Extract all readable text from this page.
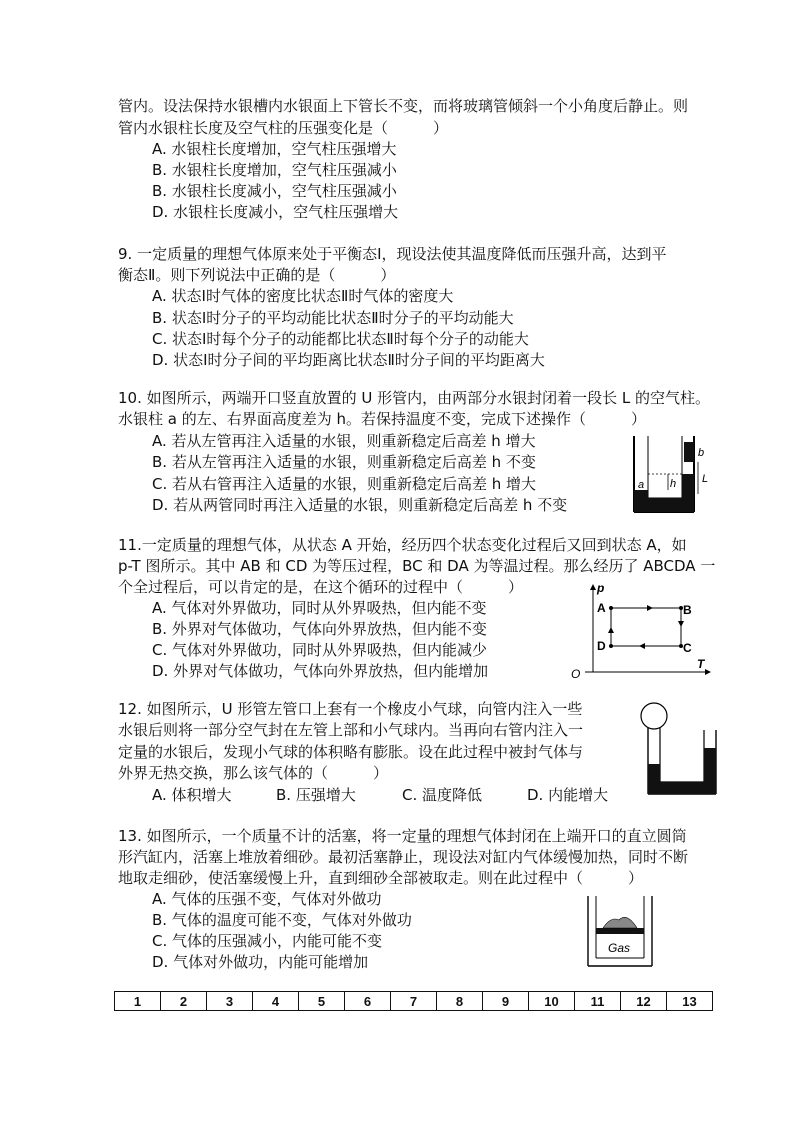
管内。设法保持水银槽内水银面上下管长不变，而将玻璃管倾斜一个小角度后静止。则
管内水银柱长度及空气柱的压强变化是（　　　）
A. 水银柱长度增加，空气柱压强增大
B. 水银柱长度增加，空气柱压强减小
B. 水银柱长度减小，空气柱压强减小
D. 水银柱长度减小，空气柱压强增大
9. 一定质量的理想气体原来处于平衡态Ⅰ，现设法使其温度降低而压强升高，达到平
衡态Ⅱ。则下列说法中正确的是（　　　）
A. 状态Ⅰ时气体的密度比状态Ⅱ时气体的密度大
B. 状态Ⅰ时分子的平均动能比状态Ⅱ时分子的平均动能大
C. 状态Ⅰ时每个分子的动能都比状态Ⅱ时每个分子的动能大
D. 状态Ⅰ时分子间的平均距离比状态Ⅱ时分子间的平均距离大
10. 如图所示，两端开口竖直放置的 U 形管内，由两部分水银封闭着一段长 L 的空气柱。
水银柱 a 的左、右界面高度差为 h。若保持温度不变，完成下述操作（　　　）
A. 若从左管再注入适量的水银，则重新稳定后高差 h 增大
B. 若从左管再注入适量的水银，则重新稳定后高差 h 不变
C. 若从右管再注入适量的水银，则重新稳定后高差 h 增大
D. 若从两管同时再注入适量的水银，则重新稳定后高差 h 不变
a h
b
L
11.一定质量的理想气体，从状态 A 开始，经历四个状态变化过程后又回到状态 A，如
p-T 图所示。其中 AB 和 CD 为等压过程，BC 和 DA 为等温过程。那么经历了 ABCDA 一
个全过程后，可以肯定的是，在这个循环的过程中（　　　）
A. 气体对外界做功，同时从外界吸热，但内能不变
B. 外界对气体做功，气体向外界放热，但内能不变
C. 气体对外界做功，同时从外界吸热，但内能减少
D. 外界对气体做功，气体向外界放热，但内能增加
p
T
O
A	B
C
D
12. 如图所示，U 形管左管口上套有一个橡皮小气球，向管内注入一些
水银后则将一部分空气封在左管上部和小气球内。当再向右管内注入一
定量的水银后，发现小气球的体积略有膨胀。设在此过程中被封气体与
外界无热交换，那么该气体的（　　　）
A. 体积增大	B. 压强增大	C. 温度降低	D. 内能增大
13. 如图所示，一个质量不计的活塞，将一定量的理想气体封闭在上端开口的直立圆筒
形汽缸内，活塞上堆放着细砂。最初活塞静止，现设法对缸内气体缓慢加热，同时不断
地取走细砂，使活塞缓慢上升，直到细砂全部被取走。则在此过程中（　　　）
A. 气体的压强不变，气体对外做功
B. 气体的温度可能不变，气体对外做功
C. 气体的压强减小，内能可能不变
D. 气体对外做功，内能可能增加
Gas
1	2	3	4	5	6	7	8	9	10	11	12	13
